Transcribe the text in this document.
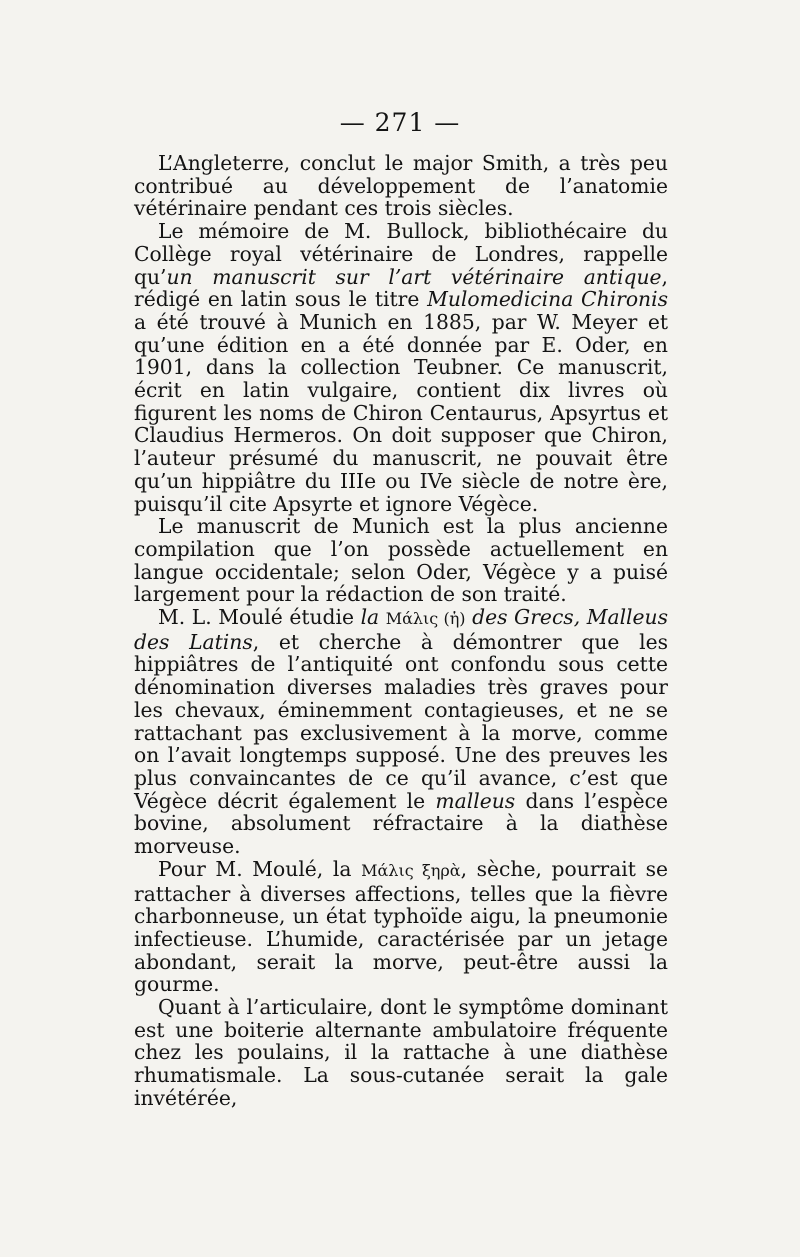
— 271 —

L’Angleterre, conclut le major Smith, a très peu contribué au développement de l’anatomie vétérinaire pendant ces trois siècles.

Le mémoire de M. Bullock, bibliothécaire du Collège royal vétérinaire de Londres, rappelle qu’un manuscrit sur l’art vétérinaire antique, rédigé en latin sous le titre Mulomedicina Chironis a été trouvé à Munich en 1885, par W. Meyer et qu’une édition en a été donnée par E. Oder, en 1901, dans la collection Teubner. Ce manuscrit, écrit en latin vulgaire, contient dix livres où figurent les noms de Chiron Centaurus, Apsyrtus et Claudius Hermeros. On doit supposer que Chiron, l’auteur présumé du manuscrit, ne pouvait être qu’un hippiâtre du IIIe ou IVe siècle de notre ère, puisqu’il cite Apsyrte et ignore Végèce.

Le manuscrit de Munich est la plus ancienne compilation que l’on possède actuellement en langue occidentale; selon Oder, Végèce y a puisé largement pour la rédaction de son traité.

M. L. Moulé étudie la Μάλις (ἡ) des Grecs, Malleus des Latins, et cherche à démontrer que les hippiâtres de l’antiquité ont confondu sous cette dénomination diverses maladies très graves pour les chevaux, éminemment contagieuses, et ne se rattachant pas exclusivement à la morve, comme on l’avait longtemps supposé. Une des preuves les plus convaincantes de ce qu’il avance, c’est que Végèce décrit également le malleus dans l’espèce bovine, absolument réfractaire à la diathèse morveuse.

Pour M. Moulé, la Μάλις ξηρὰ, sèche, pourrait se rattacher à diverses affections, telles que la fièvre charbonneuse, un état typhoïde aigu, la pneumonie infectieuse. L’humide, caractérisée par un jetage abondant, serait la morve, peut-être aussi la gourme.

Quant à l’articulaire, dont le symptôme dominant est une boiterie alternante ambulatoire fréquente chez les poulains, il la rattache à une diathèse rhumatismale. La sous-cutanée serait la gale invétérée,
